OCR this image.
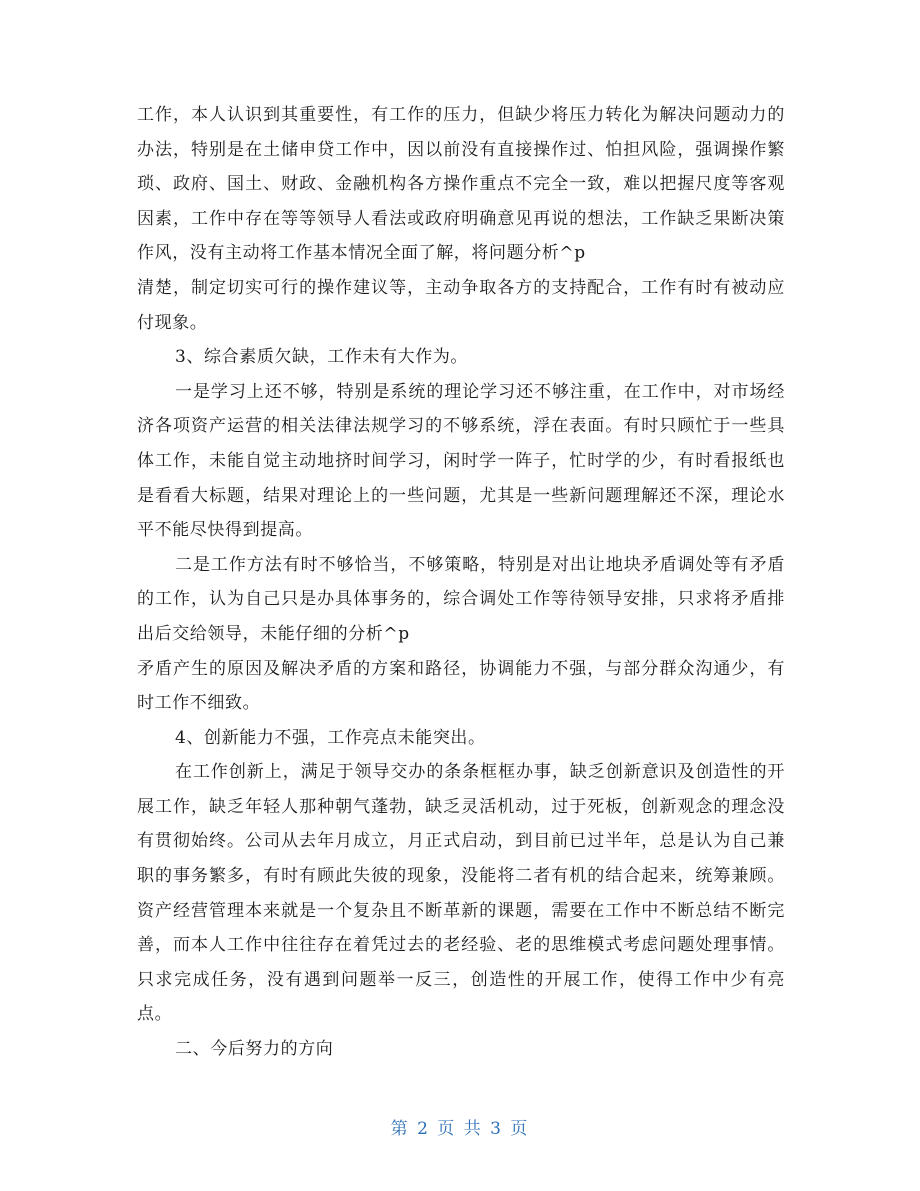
工作，本人认识到其重要性，有工作的压力，但缺少将压力转化为解决问题动力的办法，特别是在土储申贷工作中，因以前没有直接操作过、怕担风险，强调操作繁琐、政府、国土、财政、金融机构各方操作重点不完全一致，难以把握尺度等客观因素，工作中存在等等领导人看法或政府明确意见再说的想法，工作缺乏果断决策作风，没有主动将工作基本情况全面了解，将问题分析^p

清楚，制定切实可行的操作建议等，主动争取各方的支持配合，工作有时有被动应付现象。

3、综合素质欠缺，工作未有大作为。

一是学习上还不够，特别是系统的理论学习还不够注重，在工作中，对市场经济各项资产运营的相关法律法规学习的不够系统，浮在表面。有时只顾忙于一些具体工作，未能自觉主动地挤时间学习，闲时学一阵子，忙时学的少，有时看报纸也是看看大标题，结果对理论上的一些问题，尤其是一些新问题理解还不深，理论水平不能尽快得到提高。

二是工作方法有时不够恰当，不够策略，特别是对出让地块矛盾调处等有矛盾的工作，认为自己只是办具体事务的，综合调处工作等待领导安排，只求将矛盾排出后交给领导，未能仔细的分析^p

矛盾产生的原因及解决矛盾的方案和路径，协调能力不强，与部分群众沟通少，有时工作不细致。

4、创新能力不强，工作亮点未能突出。

在工作创新上，满足于领导交办的条条框框办事，缺乏创新意识及创造性的开展工作，缺乏年轻人那种朝气蓬勃，缺乏灵活机动，过于死板，创新观念的理念没有贯彻始终。公司从去年月成立，月正式启动，到目前已过半年，总是认为自己兼职的事务繁多，有时有顾此失彼的现象，没能将二者有机的结合起来，统筹兼顾。资产经营管理本来就是一个复杂且不断革新的课题，需要在工作中不断总结不断完善，而本人工作中往往存在着凭过去的老经验、老的思维模式考虑问题处理事情。只求完成任务，没有遇到问题举一反三，创造性的开展工作，使得工作中少有亮点。

二、今后努力的方向

第 2 页 共 3 页
